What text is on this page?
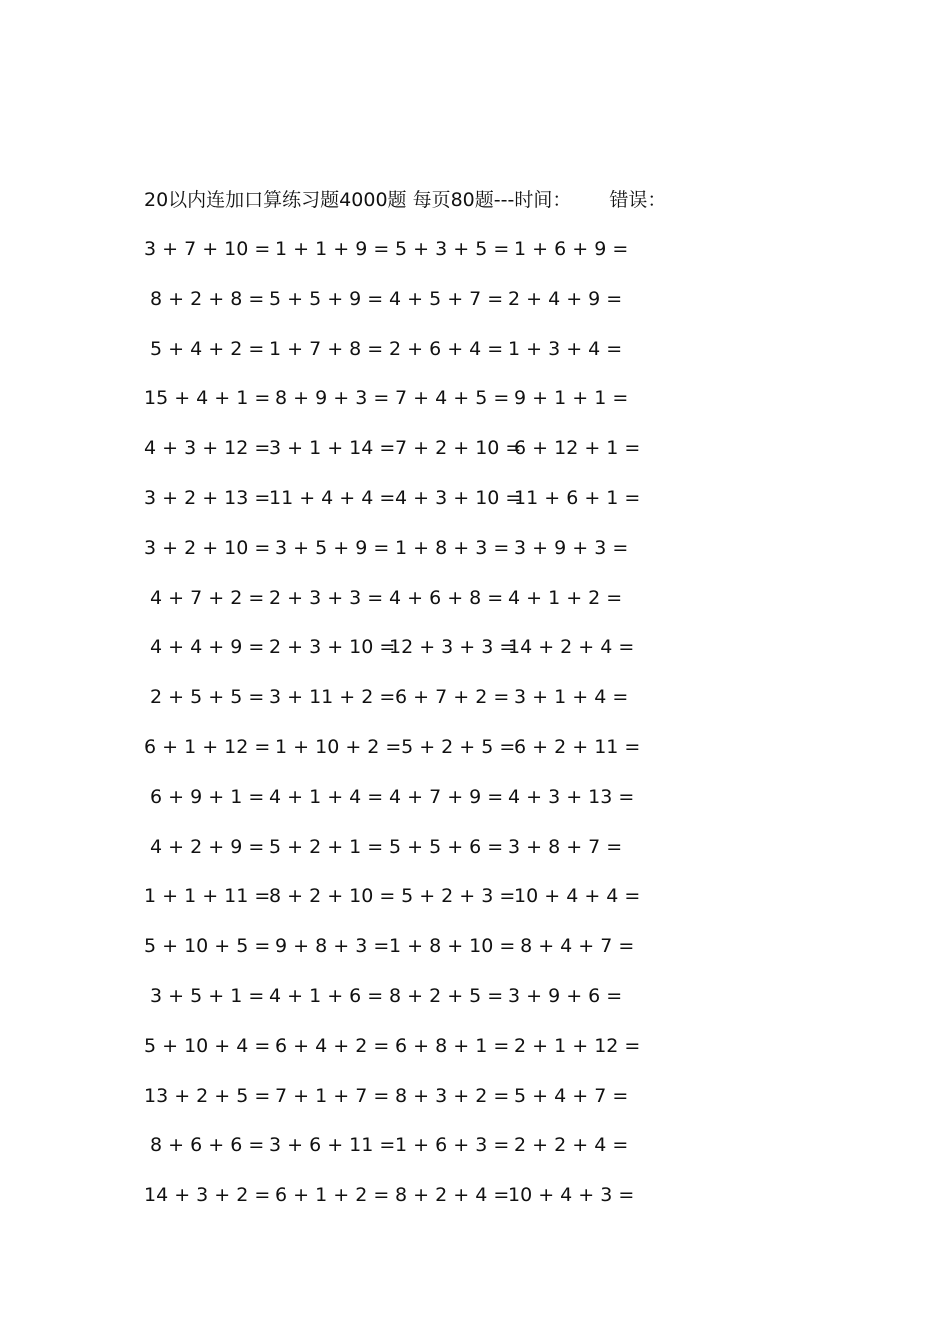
20以内连加口算练习题4000题 每页80题---时间： 错误：
3 + 7 + 10 =
1 + 1 + 9 = 5 + 3 + 5 =
1 + 6 + 9 =
8 + 2 + 8 = 5 + 5 + 9 = 4 + 5 + 7 = 2 + 4 + 9 =
5 + 4 + 2 = 1 + 7 + 8 = 2 + 6 + 4 = 1 + 3 + 4 =
15 + 4 + 1 =
8 + 9 + 3 = 7 + 4 + 5 =
9 + 1 + 1 =
4 + 3 + 12 =
3 + 1 + 14 =
7 + 2 + 10 =
6 + 12 + 1 =
3 + 2 + 13 =
11 + 4 + 4 =
4 + 3 + 10 =
11 + 6 + 1 =
3 + 2 + 10 =
3 + 5 + 9 = 1 + 8 + 3 =
3 + 9 + 3 =
4 + 7 + 2 = 2 + 3 + 3 = 4 + 6 + 8 = 4 + 1 + 2 =
4 + 4 + 9 = 2 + 3 + 10 =
12 + 3 + 3 =
14 + 2 + 4 =
2 + 5 + 5 = 3 + 11 + 2 =
6 + 7 + 2 =
3 + 1 + 4 =
6 + 1 + 12 =
1 + 10 + 2 =
5 + 2 + 5 =
6 + 2 + 11 =
6 + 9 + 1 = 4 + 1 + 4 = 4 + 7 + 9 = 4 + 3 + 13 =
4 + 2 + 9 = 5 + 2 + 1 = 5 + 5 + 6 = 3 + 8 + 7 =
1 + 1 + 11 =
8 + 2 + 10 =
5 + 2 + 3 =
10 + 4 + 4 =
5 + 10 + 5 =
9 + 8 + 3 = 1 + 8 + 10 =
8 + 4 + 7 =
3 + 5 + 1 = 4 + 1 + 6 = 8 + 2 + 5 = 3 + 9 + 6 =
5 + 10 + 4 =
6 + 4 + 2 = 6 + 8 + 1 =
2 + 1 + 12 =
13 + 2 + 5 =
7 + 1 + 7 = 8 + 3 + 2 =
5 + 4 + 7 =
8 + 6 + 6 = 3 + 6 + 11 =
1 + 6 + 3 =
2 + 2 + 4 =
14 + 3 + 2 =
6 + 1 + 2 = 8 + 2 + 4 =
10 + 4 + 3 =
